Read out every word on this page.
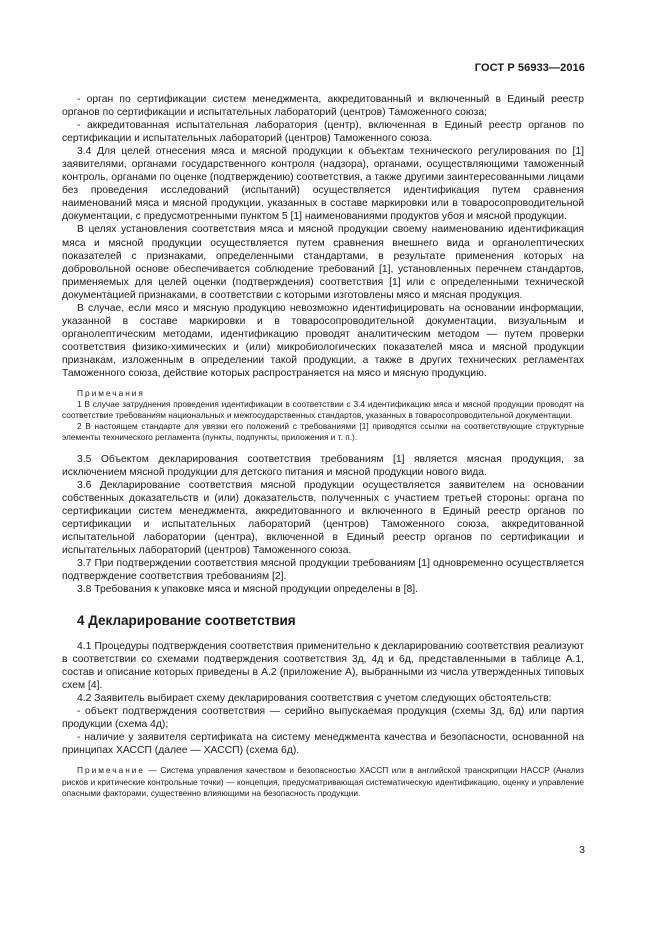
ГОСТ Р 56933—2016

- орган по сертификации систем менеджмента, аккредитованный и включенный в Единый реестр органов по сертификации и испытательных лабораторий (центров) Таможенного союза;

- аккредитованная испытательная лаборатория (центр), включенная в Единый реестр органов по сертификации и испытательных лабораторий (центров) Таможенного союза.

3.4 Для целей отнесения мяса и мясной продукции к объектам технического регулирования по [1] заявителями, органами государственного контроля (надзора), органами, осуществляющими таможенный контроль, органами по оценке (подтверждению) соответствия, а также другими заинтересованными лицами без проведения исследований (испытаний) осуществляется идентификация путем сравнения наименований мяса и мясной продукции, указанных в составе маркировки или в товаросопроводительной документации, с предусмотренными пунктом 5 [1] наименованиями продуктов убоя и мясной продукции.

В целях установления соответствия мяса и мясной продукции своему наименованию идентификация мяса и мясной продукции осуществляется путем сравнения внешнего вида и органолептических показателей с признаками, определенными стандартами, в результате применения которых на добровольной основе обеспечивается соблюдение требований [1], установленных перечнем стандартов, применяемых для целей оценки (подтверждения) соответствия [1] или с определенными технической документацией признаками, в соответствии с которыми изготовлены мясо и мясная продукция.

В случае, если мясо и мясную продукцию невозможно идентифицировать на основании информации, указанной в составе маркировки и в товаросопроводительной документации, визуальным и органолептическим методами, идентификацию проводят аналитическим методом — путем проверки соответствия физико-химических и (или) микробиологических показателей мяса и мясной продукции признакам, изложенным в определении такой продукции, а также в других технических регламентах Таможенного союза, действие которых распространяется на мясо и мясную продукцию.

Примечания

1 В случае затруднения проведения идентификации в соответствии с 3.4 идентификацию мяса и мясной продукции проводят на соответствие требованиям национальных и межгосударственных стандартов, указанных в товаросопроводительной документации.

2 В настоящем стандарте для увязки его положений с требованиями [1] приводятся ссылки на соответствующие структурные элементы технического регламента (пункты, подпункты, приложения и т. п.).

3.5 Объектом декларирования соответствия требованиям [1] является мясная продукция, за исключением мясной продукции для детского питания и мясной продукции нового вида.

3.6 Декларирование соответствия мясной продукции осуществляется заявителем на основании собственных доказательств и (или) доказательств, полученных с участием третьей стороны: органа по сертификации систем менеджмента, аккредитованного и включенного в Единый реестр органов по сертификации и испытательных лабораторий (центров) Таможенного союза, аккредитованной испытательной лаборатории (центра), включенной в Единый реестр органов по сертификации и испытательных лабораторий (центров) Таможенного союза.

3.7 При подтверждении соответствия мясной продукции требованиям [1] одновременно осуществляется подтверждение соответствия требованиям [2].

3.8 Требования к упаковке мяса и мясной продукции определены в [8].

4 Декларирование соответствия

4.1 Процедуры подтверждения соответствия применительно к декларированию соответствия реализуют в соответствии со схемами подтверждения соответствия 3д, 4д и 6д, представленными в таблице А.1, состав и описание которых приведены в А.2 (приложение А), выбранными из числа утвержденных типовых схем [4].

4.2 Заявитель выбирает схему декларирования соответствия с учетом следующих обстоятельств:

- объект подтверждения соответствия — серийно выпускаемая продукция (схемы 3д, 6д) или партия продукции (схема 4д);

- наличие у заявителя сертификата на систему менеджмента качества и безопасности, основанной на принципах ХАССП (далее — ХАССП) (схема 6д).

Примечание — Система управления качеством и безопасностью ХАССП или в английской транскрипции HACCP (Анализ рисков и критические контрольные точки) — концепция, предусматривающая систематическую идентификацию, оценку и управление опасными факторами, существенно влияющими на безопасность продукции.

3
